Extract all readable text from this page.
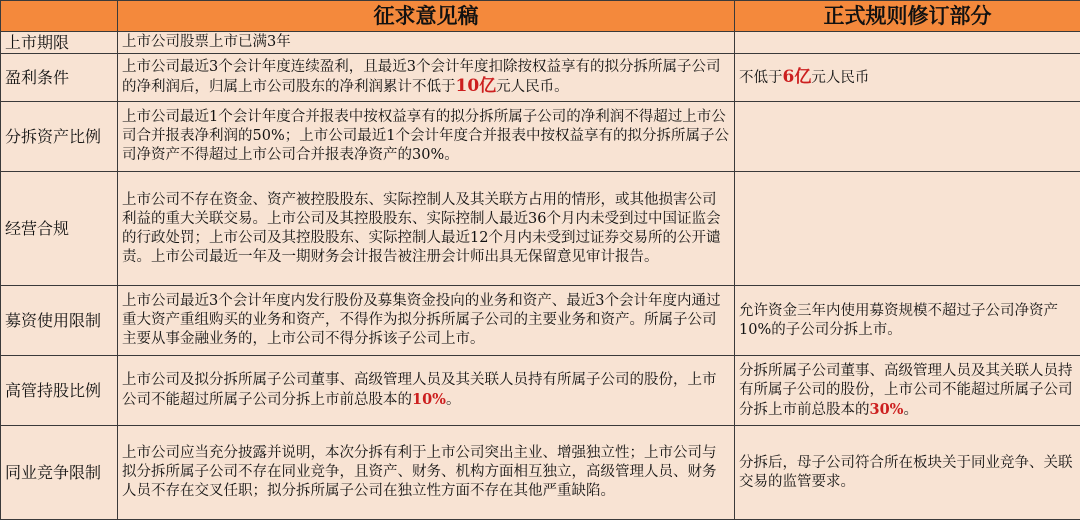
	征求意见稿	正式规则修订部分
上市期限	上市公司股票上市已满3年	
盈利条件	上市公司最近3个会计年度连续盈利，且最近3个会计年度扣除按权益享有的拟分拆所属子公司的净利润后，归属上市公司股东的净利润累计不低于10亿元人民币。	不低于6亿元人民币
分拆资产比例	上市公司最近1个会计年度合并报表中按权益享有的拟分拆所属子公司的净利润不得超过上市公司合并报表净利润的50%；上市公司最近1个会计年度合并报表中按权益享有的拟分拆所属子公司净资产不得超过上市公司合并报表净资产的30%。	
经营合规	上市公司不存在资金、资产被控股股东、实际控制人及其关联方占用的情形，或其他损害公司利益的重大关联交易。上市公司及其控股股东、实际控制人最近36个月内未受到过中国证监会的行政处罚；上市公司及其控股股东、实际控制人最近12个月内未受到过证券交易所的公开谴责。上市公司最近一年及一期财务会计报告被注册会计师出具无保留意见审计报告。	
募资使用限制	上市公司最近3个会计年度内发行股份及募集资金投向的业务和资产、最近3个会计年度内通过重大资产重组购买的业务和资产，不得作为拟分拆所属子公司的主要业务和资产。所属子公司主要从事金融业务的，上市公司不得分拆该子公司上市。	允许资金三年内使用募资规模不超过子公司净资产10%的子公司分拆上市。
高管持股比例	上市公司及拟分拆所属子公司董事、高级管理人员及其关联人员持有所属子公司的股份，上市公司不能超过所属子公司分拆上市前总股本的10%。	分拆所属子公司董事、高级管理人员及其关联人员持有所属子公司的股份，上市公司不能超过所属子公司分拆上市前总股本的30%。
同业竞争限制	上市公司应当充分披露并说明，本次分拆有利于上市公司突出主业、增强独立性；上市公司与拟分拆所属子公司不存在同业竞争，且资产、财务、机构方面相互独立，高级管理人员、财务人员不存在交叉任职；拟分拆所属子公司在独立性方面不存在其他严重缺陷。	分拆后，母子公司符合所在板块关于同业竞争、关联交易的监管要求。
